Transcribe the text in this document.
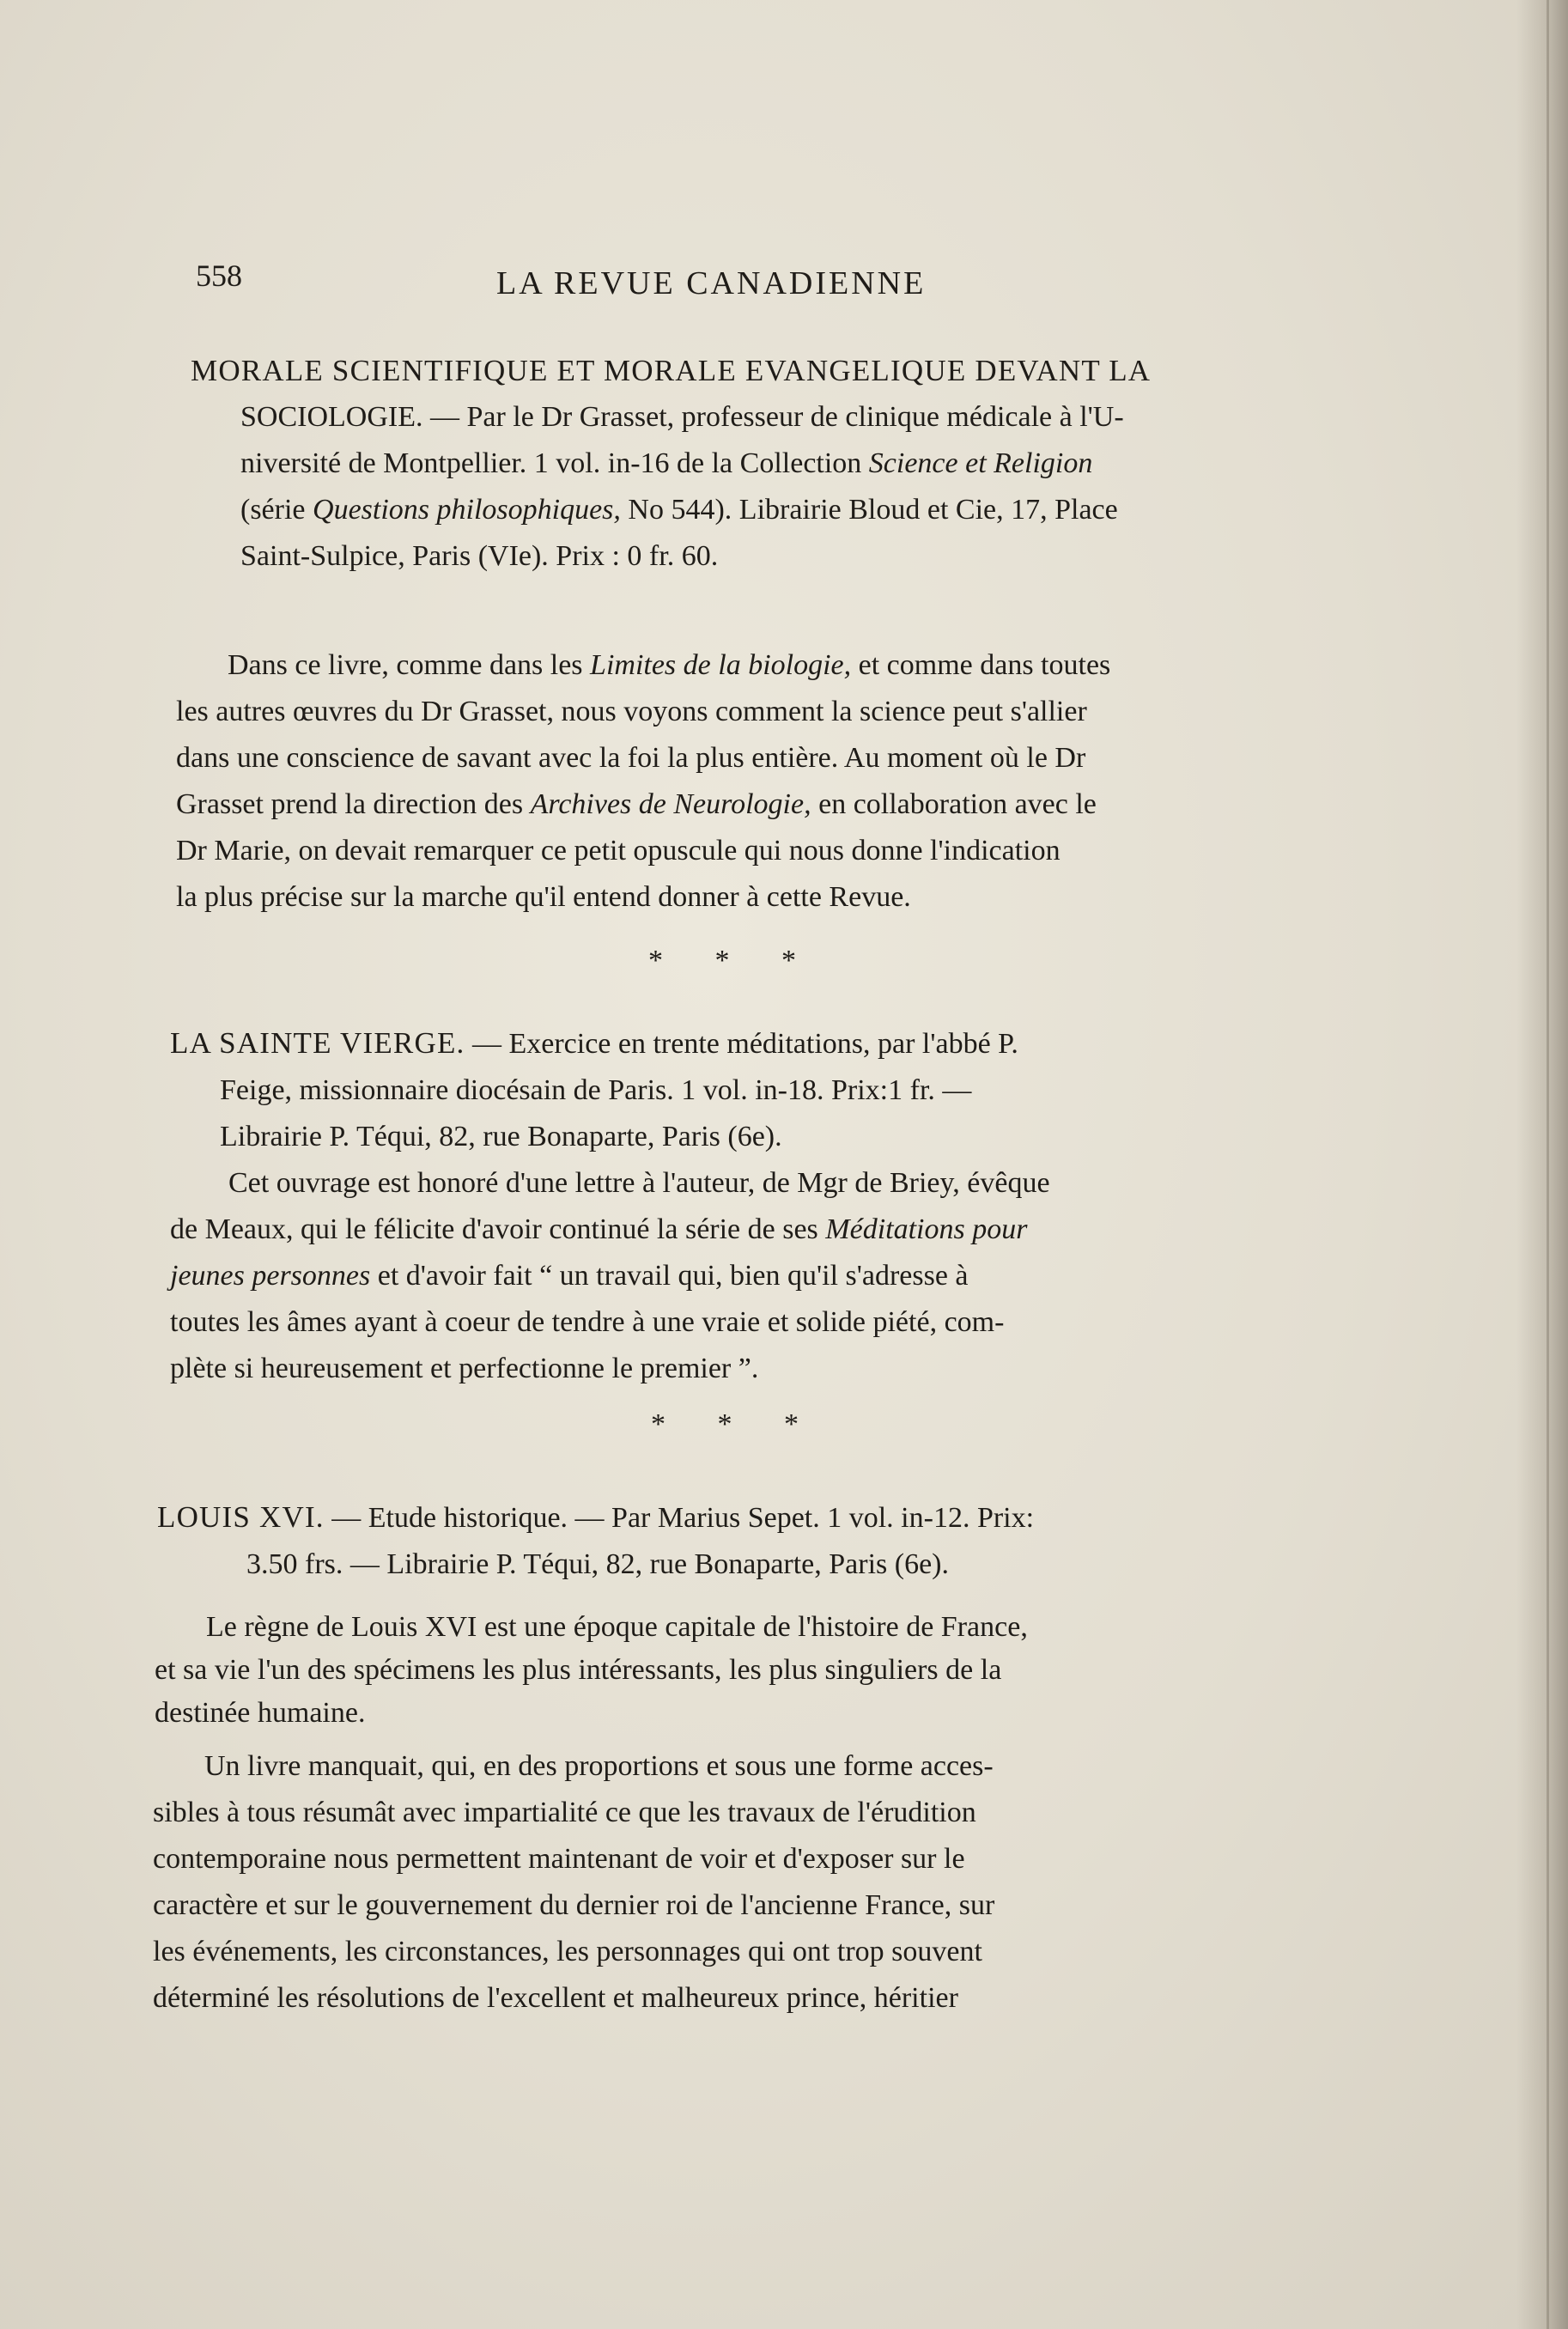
558	LA REVUE CANADIENNE
MORALE SCIENTIFIQUE ET MORALE EVANGELIQUE DEVANT LA
SOCIOLOGIE. — Par le Dr Grasset, professeur de clinique médicale à l'U-
niversité de Montpellier. 1 vol. in-16 de la Collection Science et Religion
(série Questions philosophiques, No 544). Librairie Bloud et Cie, 17, Place
Saint-Sulpice, Paris (VIe). Prix : 0 fr. 60.
Dans ce livre, comme dans les Limites de la biologie, et comme dans toutes
les autres œuvres du Dr Grasset, nous voyons comment la science peut s'allier
dans une conscience de savant avec la foi la plus entière. Au moment où le Dr
Grasset prend la direction des Archives de Neurologie, en collaboration avec le
Dr Marie, on devait remarquer ce petit opuscule qui nous donne l'indication
la plus précise sur la marche qu'il entend donner à cette Revue.
* * *
LA SAINTE VIERGE. — Exercice en trente méditations, par l'abbé P.
Feige, missionnaire diocésain de Paris. 1 vol. in-18. Prix:1 fr. —
Librairie P. Téqui, 82, rue Bonaparte, Paris (6e).
Cet ouvrage est honoré d'une lettre à l'auteur, de Mgr de Briey, évêque
de Meaux, qui le félicite d'avoir continué la série de ses Méditations pour
jeunes personnes et d'avoir fait “ un travail qui, bien qu'il s'adresse à
toutes les âmes ayant à coeur de tendre à une vraie et solide piété, com-
plète si heureusement et perfectionne le premier ”.
* * *
LOUIS XVI. — Etude historique. — Par Marius Sepet. 1 vol. in-12. Prix:
3.50 frs. — Librairie P. Téqui, 82, rue Bonaparte, Paris (6e).
Le règne de Louis XVI est une époque capitale de l'histoire de France,
et sa vie l'un des spécimens les plus intéressants, les plus singuliers de la
destinée humaine.
Un livre manquait, qui, en des proportions et sous une forme acces-
sibles à tous résumât avec impartialité ce que les travaux de l'érudition
contemporaine nous permettent maintenant de voir et d'exposer sur le
caractère et sur le gouvernement du dernier roi de l'ancienne France, sur
les événements, les circonstances, les personnages qui ont trop souvent
déterminé les résolutions de l'excellent et malheureux prince, héritier
